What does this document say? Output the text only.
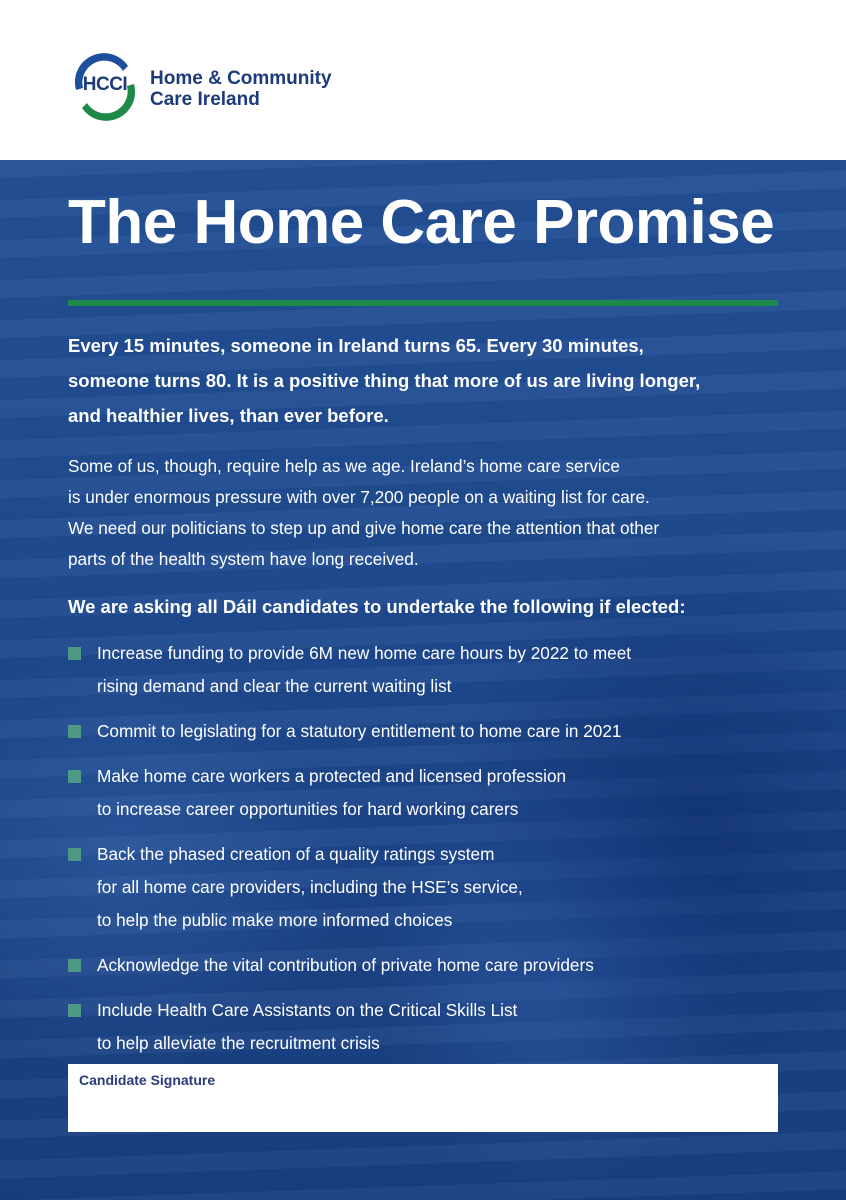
HCCI	Home & Community
Care Ireland
The Home Care Promise
Every 15 minutes, someone in Ireland turns 65. Every 30 minutes,
someone turns 80. It is a positive thing that more of us are living longer,
and healthier lives, than ever before.
Some of us, though, require help as we age. Ireland’s home care service
is under enormous pressure with over 7,200 people on a waiting list for care.
We need our politicians to step up and give home care the attention that other
parts of the health system have long received.
We are asking all Dáil candidates to undertake the following if elected:
Increase funding to provide 6M new home care hours by 2022 to meet
rising demand and clear the current waiting list
Commit to legislating for a statutory entitlement to home care in 2021
Make home care workers a protected and licensed profession
to increase career opportunities for hard working carers
Back the phased creation of a quality ratings system
for all home care providers, including the HSE’s service,
to help the public make more informed choices
Acknowledge the vital contribution of private home care providers
Include Health Care Assistants on the Critical Skills List
to help alleviate the recruitment crisis
Candidate Signature
